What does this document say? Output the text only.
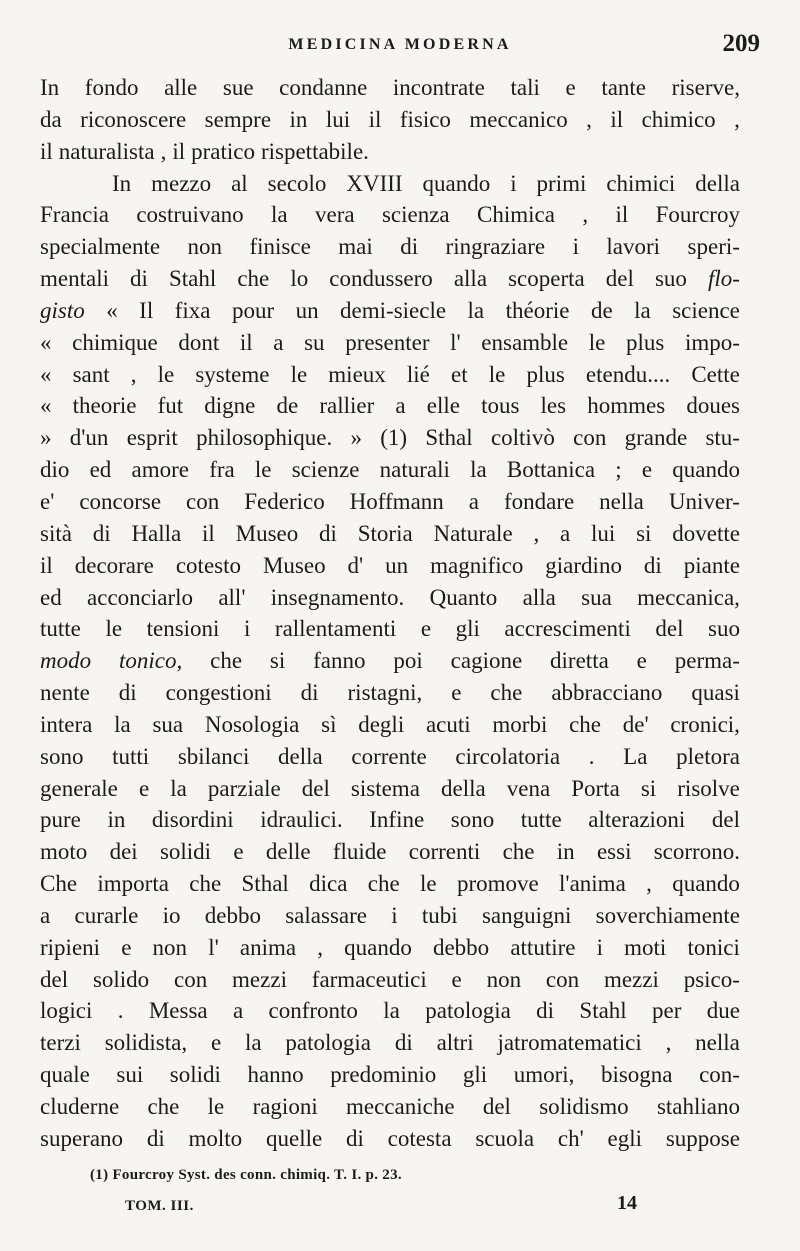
MEDICINA MODERNA	209
In fondo alle sue condanne incontrate tali e tante riserve,
da riconoscere sempre in lui il fisico meccanico , il chimico ,
il naturalista , il pratico rispettabile.
In mezzo al secolo XVIII quando i primi chimici della
Francia costruivano la vera scienza Chimica , il Fourcroy
specialmente non finisce mai di ringraziare i lavori speri-
mentali di Stahl che lo condussero alla scoperta del suo flo-
gisto « Il fixa pour un demi-siecle la théorie de la science
« chimique dont il a su presenter l' ensamble le plus impo-
« sant , le systeme le mieux lié et le plus etendu.... Cette
« theorie fut digne de rallier a elle tous les hommes doues
» d'un esprit philosophique. » (1) Sthal coltivò con grande stu-
dio ed amore fra le scienze naturali la Bottanica ; e quando
e' concorse con Federico Hoffmann a fondare nella Univer-
sità di Halla il Museo di Storia Naturale , a lui si dovette
il decorare cotesto Museo d' un magnifico giardino di piante
ed acconciarlo all' insegnamento. Quanto alla sua meccanica,
tutte le tensioni i rallentamenti e gli accrescimenti del suo
modo tonico, che si fanno poi cagione diretta e perma-
nente di congestioni di ristagni, e che abbracciano quasi
intera la sua Nosologia sì degli acuti morbi che de' cronici,
sono tutti sbilanci della corrente circolatoria . La pletora
generale e la parziale del sistema della vena Porta si risolve
pure in disordini idraulici. Infine sono tutte alterazioni del
moto dei solidi e delle fluide correnti che in essi scorrono.
Che importa che Sthal dica che le promove l'anima , quando
a curarle io debbo salassare i tubi sanguigni soverchiamente
ripieni e non l' anima , quando debbo attutire i moti tonici
del solido con mezzi farmaceutici e non con mezzi psico-
logici . Messa a confronto la patologia di Stahl per due
terzi solidista, e la patologia di altri jatromatematici , nella
quale sui solidi hanno predominio gli umori, bisogna con-
cluderne che le ragioni meccaniche del solidismo stahliano
superano di molto quelle di cotesta scuola ch' egli suppose
(1) Fourcroy Syst. des conn. chimiq. T. I. p. 23.
TOM. III.	14
